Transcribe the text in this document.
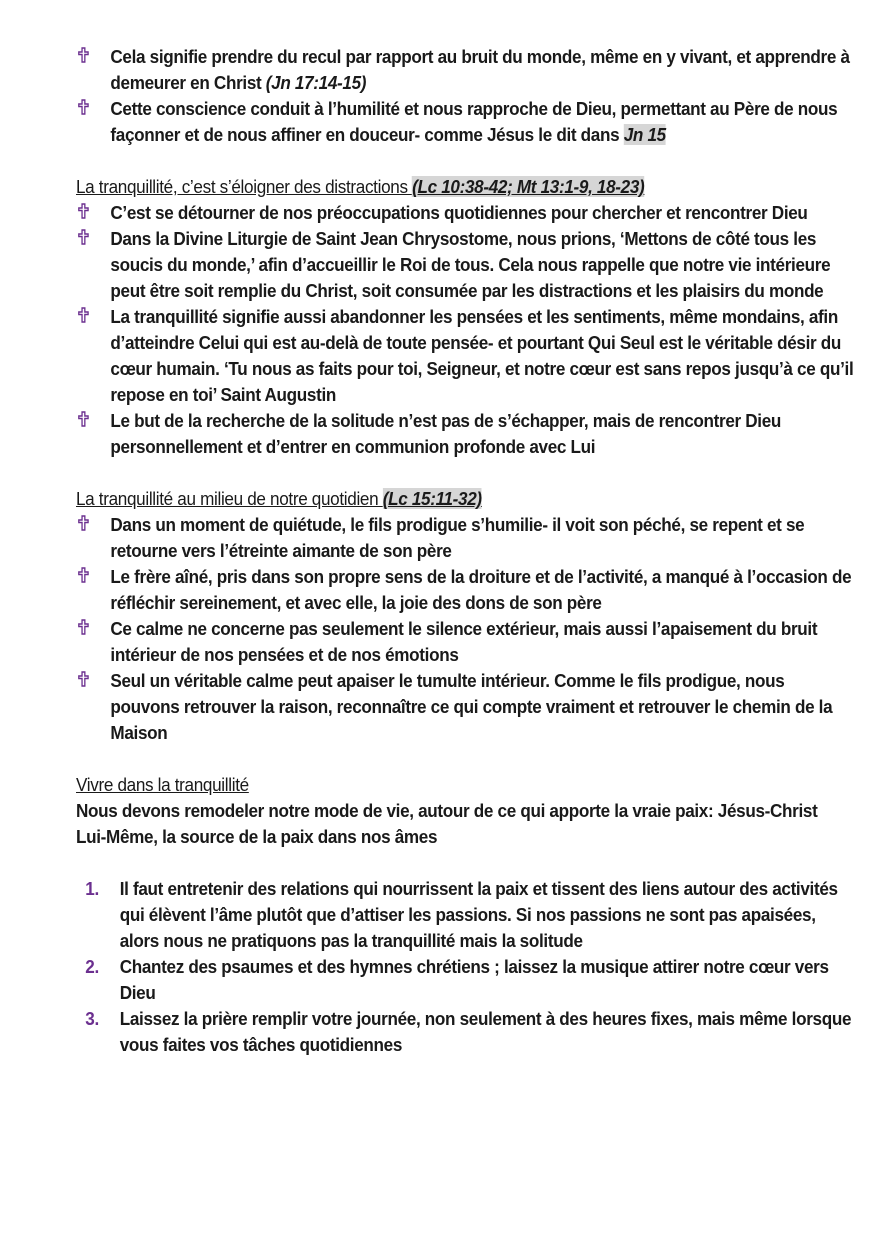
Cela signifie prendre du recul par rapport au bruit du monde, même en y vivant, et apprendre à demeurer en Christ (Jn 17:14-15)
Cette conscience conduit à l’humilité et nous rapproche de Dieu, permettant au Père de nous façonner et de nous affiner en douceur- comme Jésus le dit dans Jn 15
La tranquillité, c’est s’éloigner des distractions (Lc 10:38-42; Mt 13:1-9, 18-23)
C’est se détourner de nos préoccupations quotidiennes pour chercher et rencontrer Dieu
Dans la Divine Liturgie de Saint Jean Chrysostome, nous prions, ‘Mettons de côté tous les soucis du monde,’ afin d’accueillir le Roi de tous. Cela nous rappelle que notre vie intérieure peut être soit remplie du Christ, soit consumée par les distractions et les plaisirs du monde
La tranquillité signifie aussi abandonner les pensées et les sentiments, même mondains, afin d’atteindre Celui qui est au-delà de toute pensée- et pourtant Qui Seul est le véritable désir du cœur humain. ‘Tu nous as faits pour toi, Seigneur, et notre cœur est sans repos jusqu’à ce qu’il repose en toi’ Saint Augustin
Le but de la recherche de la solitude n’est pas de s’échapper, mais de rencontrer Dieu personnellement et d’entrer en communion profonde avec Lui
La tranquillité au milieu de notre quotidien (Lc 15:11-32)
Dans un moment de quiétude, le fils prodigue s’humilie- il voit son péché, se repent et se retourne vers l’étreinte aimante de son père
Le frère aîné, pris dans son propre sens de la droiture et de l’activité, a manqué à l’occasion de réfléchir sereinement, et avec elle, la joie des dons de son père
Ce calme ne concerne pas seulement le silence extérieur, mais aussi l’apaisement du bruit intérieur de nos pensées et de nos émotions
Seul un véritable calme peut apaiser le tumulte intérieur. Comme le fils prodigue, nous pouvons retrouver la raison, reconnaître ce qui compte vraiment et retrouver le chemin de la Maison
Vivre dans la tranquillité
Nous devons remodeler notre mode de vie, autour de ce qui apporte la vraie paix: Jésus-Christ Lui-Même, la source de la paix dans nos âmes
1. Il faut entretenir des relations qui nourrissent la paix et tissent des liens autour des activités qui élèvent l’âme plutôt que d’attiser les passions. Si nos passions ne sont pas apaisées, alors nous ne pratiquons pas la tranquillité mais la solitude
2. Chantez des psaumes et des hymnes chrétiens ; laissez la musique attirer notre cœur vers Dieu
3. Laissez la prière remplir votre journée, non seulement à des heures fixes, mais même lorsque vous faites vos tâches quotidiennes
